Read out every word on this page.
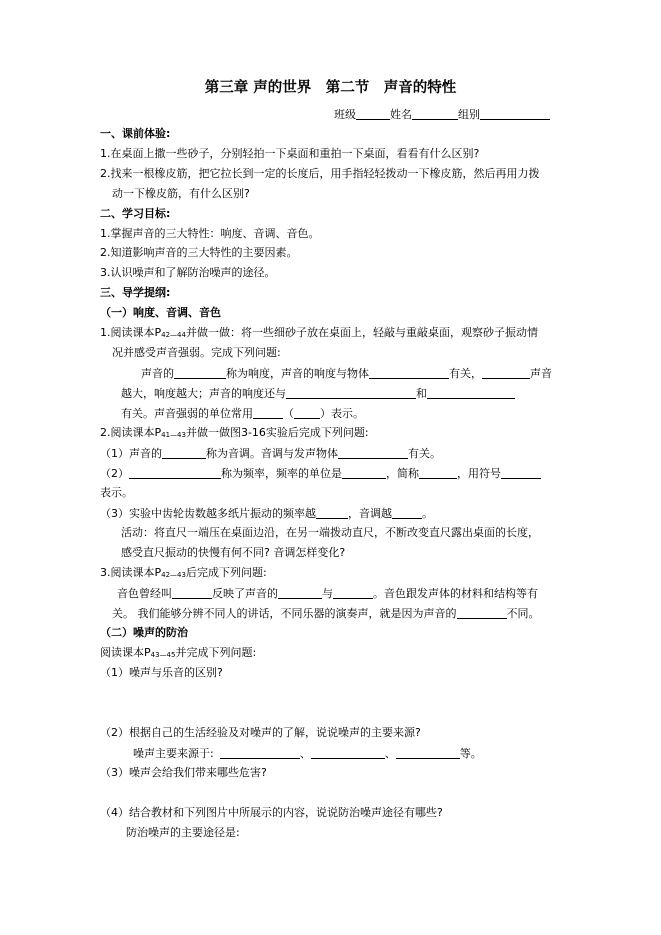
第三章 声的世界　第二节　声音的特性
班级	姓名	组别
一、课前体验:
1.在桌面上撒一些砂子，分别轻拍一下桌面和重拍一下桌面，看看有什么区别?
2.找来一根橡皮筋，把它拉长到一定的长度后，用手指轻轻拨动一下橡皮筋，然后再用力拨
动一下橡皮筋，有什么区别?
二、学习目标:
1.掌握声音的三大特性：响度、音调、音色。
2.知道影响声音的三大特性的主要因素。
3.认识噪声和了解防治噪声的途径。
三、导学提纲:
（一）响度、音调、音色
1.阅读课本$P_{42—44}$并做一做：将一些细砂子放在桌面上，轻敲与重敲桌面，观察砂子振动情
况并感受声音强弱。完成下列问题:
声音的	称为响度，声音的响度与物体	有关，	声音
越大，响度越大；声音的响度还与	和
有关。声音强弱的单位常用	（ ）表示。
2.阅读课本$P_{41—43}$并做一做图3-16实验后完成下列问题:
（1）声音的	称为音调。音调与发声物体	有关。
（2）	称为频率，频率的单位是	，简称	，用符号
表示。
（3）实验中齿轮齿数越多纸片振动的频率越	，音调越	。
活动：将直尺一端压在桌面边沿，在另一端拨动直尺，不断改变直尺露出桌面的长度，
感受直尺振动的快慢有何不同? 音调怎样变化?
3.阅读课本$P_{42—43}$后完成下列问题:
音色曾经叫	反映了声音的	与	。音色跟发声体的材料和结构等有
关。 我们能够分辨不同人的讲话，不同乐器的演奏声，就是因为声音的	不同。
（二）噪声的防治
阅读课本$P_{43—45}$并完成下列问题:
（1）噪声与乐音的区别?
（2）根据自己的生活经验及对噪声的了解，说说噪声的主要来源?
噪声主要来源于:	、	、	等。
（3）噪声会给我们带来哪些危害?
（4）结合教材和下列图片中所展示的内容，说说防治噪声途径有哪些?
防治噪声的主要途径是:
